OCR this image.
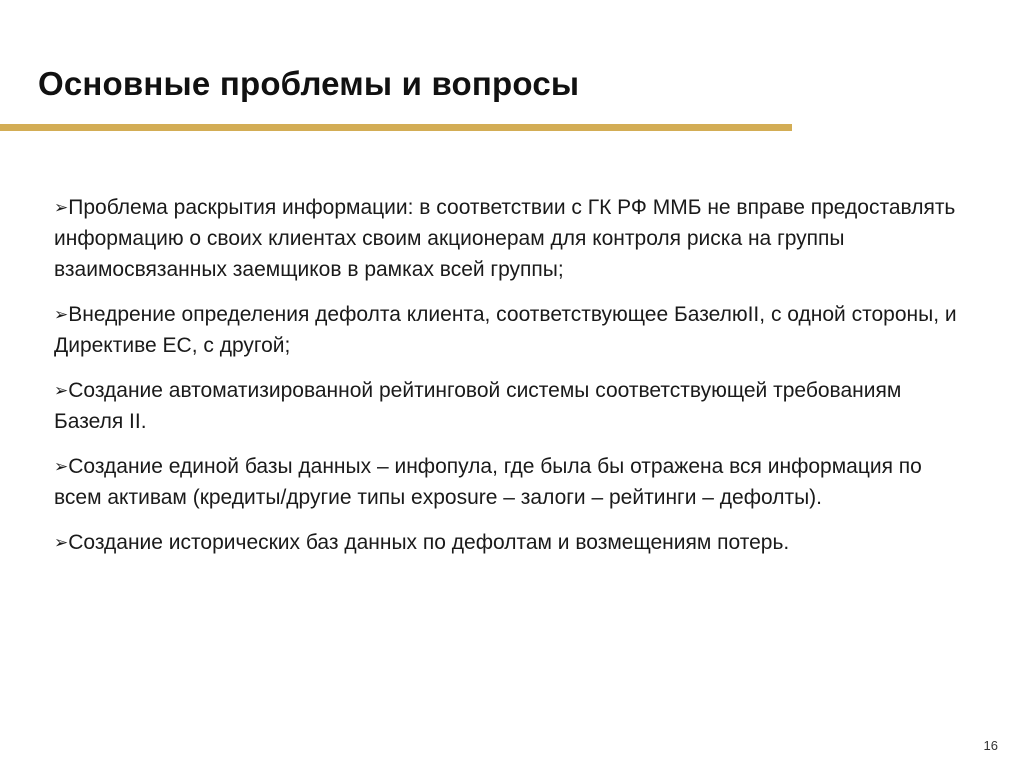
Основные проблемы и вопросы
➢Проблема раскрытия информации: в соответствии с ГК РФ ММБ не вправе предоставлять информацию о своих клиентах своим акционерам для контроля риска на группы взаимосвязанных заемщиков в рамках всей группы;
➢Внедрение определения дефолта клиента, соответствующее БазелюII, с одной стороны, и Директиве ЕС, с другой;
➢Создание автоматизированной рейтинговой системы соответствующей требованиям Базеля II.
➢Создание единой базы данных – инфопула, где была бы отражена вся информация по всем активам (кредиты/другие типы exposure – залоги – рейтинги – дефолты).
➢Создание исторических баз данных по дефолтам и возмещениям потерь.
16
